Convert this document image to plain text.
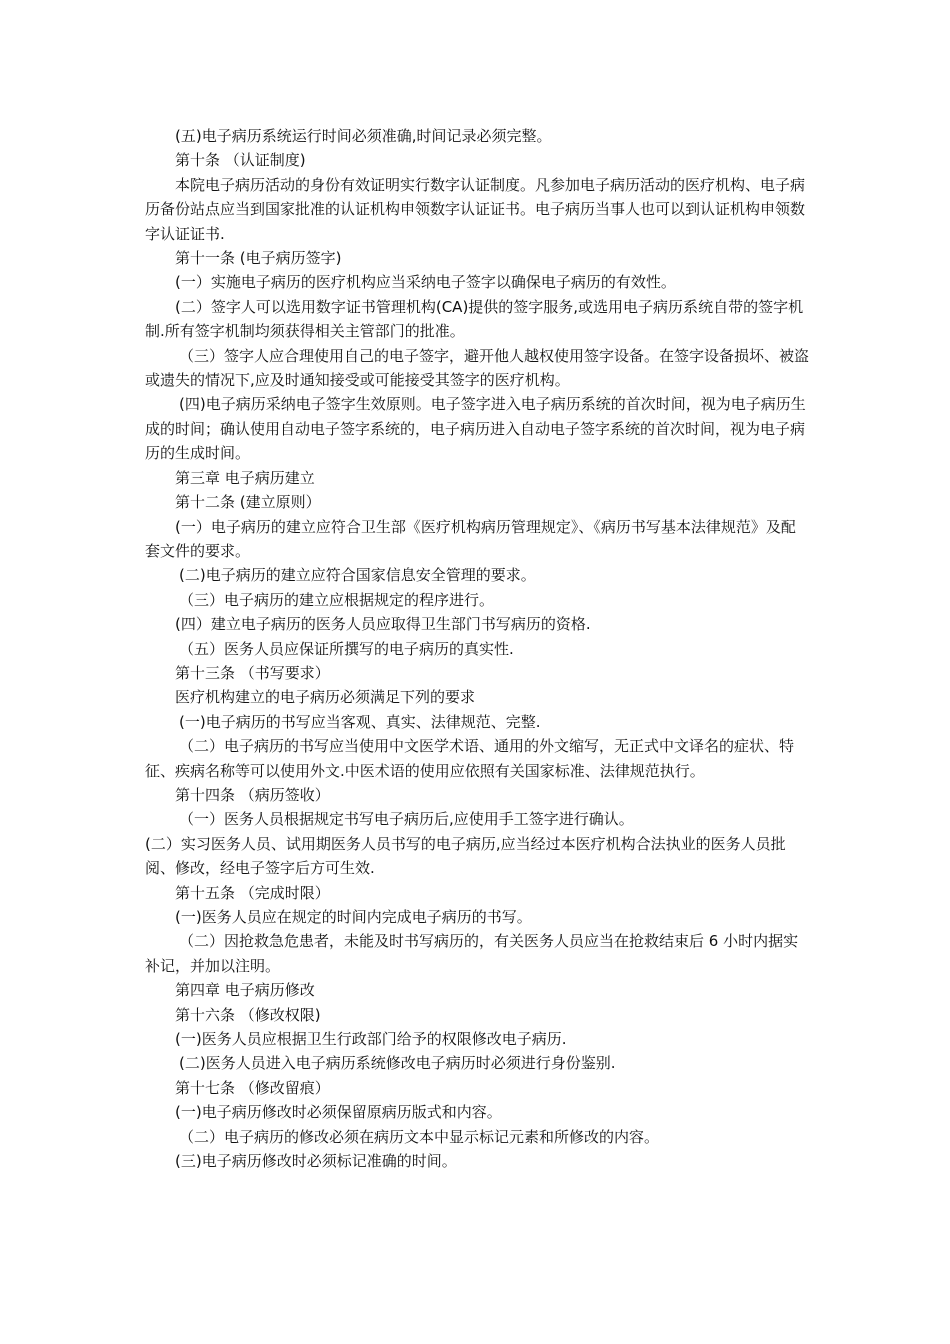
(五)电子病历系统运行时间必须准确,时间记录必须完整。

第十条 （认证制度)

本院电子病历活动的身份有效证明实行数字认证制度。凡参加电子病历活动的医疗机构、电子病历备份站点应当到国家批准的认证机构申领数字认证证书。电子病历当事人也可以到认证机构申领数字认证证书.

第十一条 (电子病历签字)

(一）实施电子病历的医疗机构应当采纳电子签字以确保电子病历的有效性。

(二）签字人可以选用数字证书管理机构(CA)提供的签字服务,或选用电子病历系统自带的签字机制.所有签字机制均须获得相关主管部门的批准。

（三）签字人应合理使用自己的电子签字，避开他人越权使用签字设备。在签字设备损坏、被盗或遗失的情况下,应及时通知接受或可能接受其签字的医疗机构。

(四)电子病历采纳电子签字生效原则。电子签字进入电子病历系统的首次时间，视为电子病历生成的时间；确认使用自动电子签字系统的，电子病历进入自动电子签字系统的首次时间，视为电子病历的生成时间。

第三章 电子病历建立

第十二条 (建立原则）

(一）电子病历的建立应符合卫生部《医疗机构病历管理规定》、《病历书写基本法律规范》及配套文件的要求。

(二)电子病历的建立应符合国家信息安全管理的要求。

（三）电子病历的建立应根据规定的程序进行。

(四）建立电子病历的医务人员应取得卫生部门书写病历的资格.

（五）医务人员应保证所撰写的电子病历的真实性.

第十三条 （书写要求）

医疗机构建立的电子病历必须满足下列的要求

(一)电子病历的书写应当客观、真实、法律规范、完整.

（二）电子病历的书写应当使用中文医学术语、通用的外文缩写，无正式中文译名的症状、特征、疾病名称等可以使用外文.中医术语的使用应依照有关国家标准、法律规范执行。

第十四条 （病历签收）

（一）医务人员根据规定书写电子病历后,应使用手工签字进行确认。

(二）实习医务人员、试用期医务人员书写的电子病历,应当经过本医疗机构合法执业的医务人员批阅、修改，经电子签字后方可生效.

第十五条 （完成时限）

(一)医务人员应在规定的时间内完成电子病历的书写。

（二）因抢救急危患者，未能及时书写病历的，有关医务人员应当在抢救结束后 6 小时内据实补记，并加以注明。

第四章 电子病历修改

第十六条 （修改权限)

(一)医务人员应根据卫生行政部门给予的权限修改电子病历.

(二)医务人员进入电子病历系统修改电子病历时必须进行身份鉴别.

第十七条 （修改留痕）

(一)电子病历修改时必须保留原病历版式和内容。

（二）电子病历的修改必须在病历文本中显示标记元素和所修改的内容。

(三)电子病历修改时必须标记准确的时间。
